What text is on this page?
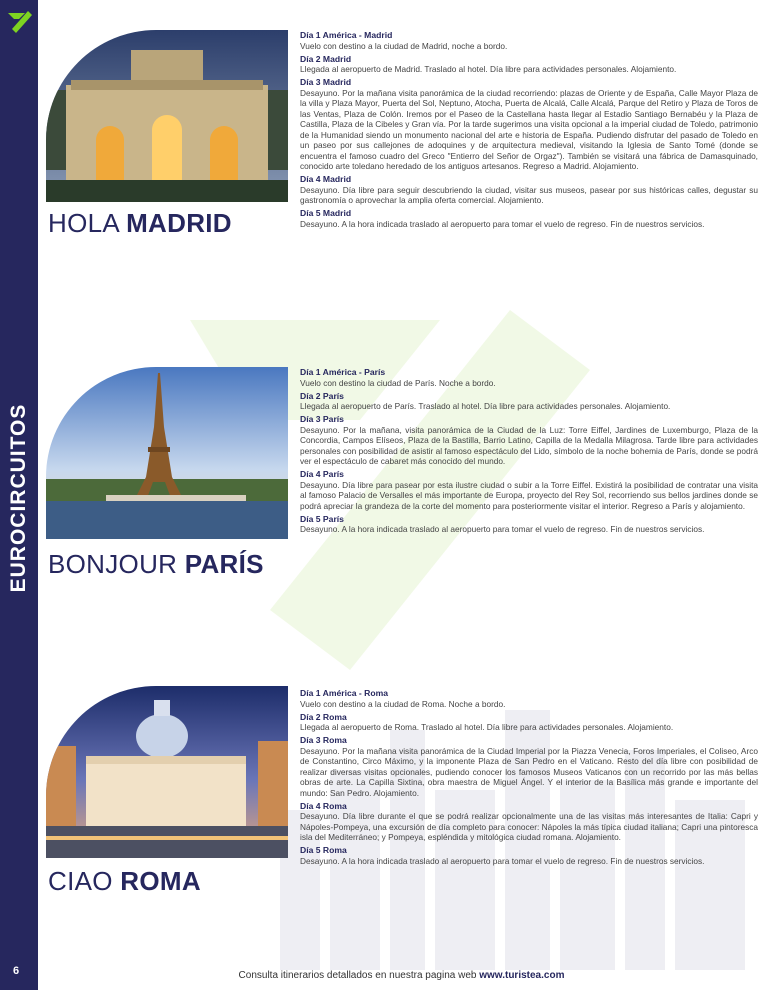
EUROCIRCUITOS
6
HOLA MADRID
Día 1 América - Madrid
Vuelo con destino a la ciudad de Madrid, noche a bordo.
Día 2 Madrid
Llegada al aeropuerto de Madrid. Traslado al hotel. Día libre para actividades personales. Alojamiento.
Día 3 Madrid
Desayuno. Por la mañana visita panorámica de la ciudad recorriendo: plazas de Oriente y de España, Calle Mayor Plaza de la villa y Plaza Mayor, Puerta del Sol, Neptuno, Atocha, Puerta de Alcalá, Calle Alcalá, Parque del Retiro y Plaza de Toros de las Ventas, Plaza de Colón. Iremos por el Paseo de la Castellana hasta llegar al Estadio Santiago Bernabéu y la Plaza de Castilla, Plaza de la Cibeles y Gran vía. Por la tarde sugerimos una visita opcional a la imperial ciudad de Toledo, patrimonio de la Humanidad siendo un monumento nacional del arte e historia de España. Pudiendo disfrutar del pasado de Toledo en un paseo por sus callejones de adoquines y de arquitectura medieval, visitando la Iglesia de Santo Tomé (donde se encuentra el famoso cuadro del Greco "Entierro del Señor de Orgaz"). También se visitará una fábrica de Damasquinado, conocido arte toledano heredado de los antiguos artesanos. Regreso a Madrid. Alojamiento.
Día 4 Madrid
Desayuno. Día libre para seguir descubriendo la ciudad, visitar sus museos, pasear por sus históricas calles, degustar su gastronomía o aprovechar la amplia oferta comercial. Alojamiento.
Día 5 Madrid
Desayuno. A la hora indicada traslado al aeropuerto para tomar el vuelo de regreso. Fin de nuestros servicios.
BONJOUR PARÍS
Día 1 América - París
Vuelo con destino la ciudad de París. Noche a bordo.
Día 2 París
Llegada al aeropuerto de París. Traslado al hotel. Día libre para actividades personales. Alojamiento.
Día 3 París
Desayuno. Por la mañana, visita panorámica de la Ciudad de la Luz: Torre Eiffel, Jardines de Luxemburgo, Plaza de la Concordia, Campos Elíseos, Plaza de la Bastilla, Barrio Latino, Capilla de la Medalla Milagrosa. Tarde libre para actividades personales con posibilidad de asistir al famoso espectáculo del Lido, símbolo de la noche bohemia de París, donde se podrá ver el espectáculo de cabaret más conocido del mundo.
Día 4 París
Desayuno. Día libre para pasear por esta ilustre ciudad o subir a la Torre Eiffel. Existirá la posibilidad de contratar una visita al famoso Palacio de Versalles el más importante de Europa, proyecto del Rey Sol, recorriendo sus bellos jardines donde se podrá apreciar la grandeza de la corte del momento para posteriormente visitar el interior. Regreso a París y alojamiento.
Día 5 París
Desayuno. A la hora indicada traslado al aeropuerto para tomar el vuelo de regreso. Fin de nuestros servicios.
CIAO ROMA
Día 1 América - Roma
Vuelo con destino a la ciudad de Roma. Noche a bordo.
Día 2 Roma
Llegada al aeropuerto de Roma. Traslado al hotel. Día libre para actividades personales. Alojamiento.
Día 3 Roma
Desayuno. Por la mañana visita panorámica de la Ciudad Imperial por la Piazza Venecia, Foros Imperiales, el Coliseo, Arco de Constantino, Circo Máximo, y la imponente Plaza de San Pedro en el Vaticano. Resto del día libre con posibilidad de realizar diversas visitas opcionales, pudiendo conocer los famosos Museos Vaticanos con un recorrido por las más bellas obras de arte. La Capilla Sixtina, obra maestra de Miguel Ángel. Y el interior de la Basílica más grande e importante del mundo: San Pedro. Alojamiento.
Día 4 Roma
Desayuno. Día libre durante el que se podrá realizar opcionalmente una de las visitas más interesantes de Italia: Capri y Nápoles-Pompeya, una excursión de día completo para conocer: Nápoles la más típica ciudad italiana; Capri una pintoresca isla del Mediterráneo; y Pompeya, espléndida y mitológica ciudad romana. Alojamiento.
Día 5 Roma
Desayuno. A la hora indicada traslado al aeropuerto para tomar el vuelo de regreso. Fin de nuestros servicios.
Consulta itinerarios detallados en nuestra pagina web www.turistea.com
